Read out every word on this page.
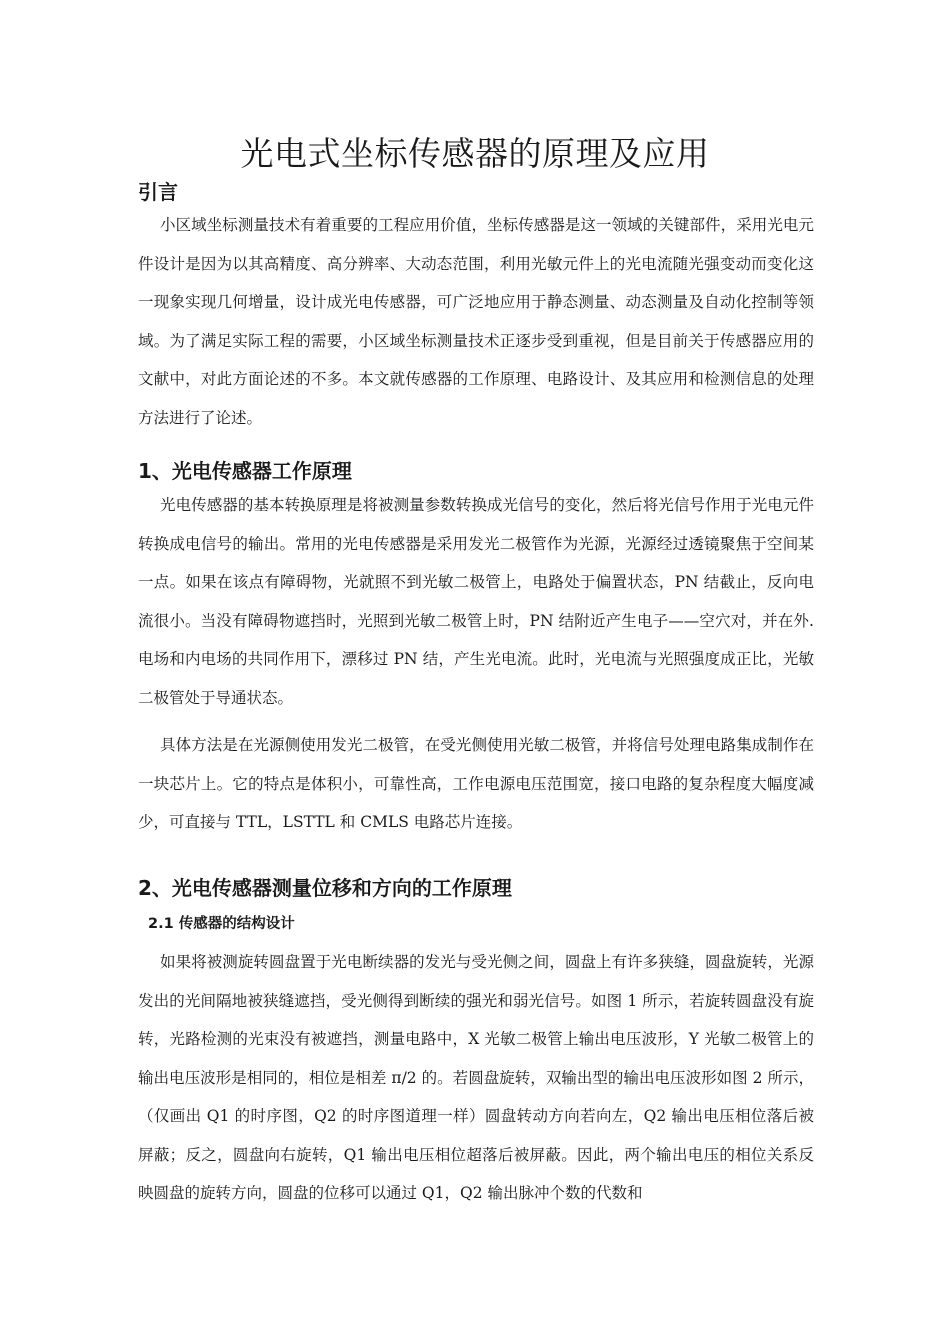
光电式坐标传感器的原理及应用
引言

小区域坐标测量技术有着重要的工程应用价值，坐标传感器是这一领域的关键部件，采用光电元件设计是因为以其高精度、高分辨率、大动态范围，利用光敏元件上的光电流随光强变动而变化这一现象实现几何增量，设计成光电传感器，可广泛地应用于静态测量、动态测量及自动化控制等领域。为了满足实际工程的需要，小区域坐标测量技术正逐步受到重视，但是目前关于传感器应用的文献中，对此方面论述的不多。本文就传感器的工作原理、电路设计、及其应用和检测信息的处理方法进行了论述。

1、光电传感器工作原理

光电传感器的基本转换原理是将被测量参数转换成光信号的变化，然后将光信号作用于光电元件转换成电信号的输出。常用的光电传感器是采用发光二极管作为光源，光源经过透镜聚焦于空间某一点。如果在该点有障碍物，光就照不到光敏二极管上，电路处于偏置状态，PN 结截止，反向电流很小。当没有障碍物遮挡时，光照到光敏二极管上时，PN 结附近产生电子——空穴对，并在外.电场和内电场的共同作用下，漂移过 PN 结，产生光电流。此时，光电流与光照强度成正比，光敏二极管处于导通状态。

具体方法是在光源侧使用发光二极管，在受光侧使用光敏二极管，并将信号处理电路集成制作在一块芯片上。它的特点是体积小，可靠性高，工作电源电压范围宽，接口电路的复杂程度大幅度减少，可直接与 TTL，LSTTL 和 CMLS 电路芯片连接。

2、光电传感器测量位移和方向的工作原理
2.1 传感器的结构设计

如果将被测旋转圆盘置于光电断续器的发光与受光侧之间，圆盘上有许多狭缝，圆盘旋转，光源发出的光间隔地被狭缝遮挡，受光侧得到断续的强光和弱光信号。如图 1 所示，若旋转圆盘没有旋转，光路检测的光束没有被遮挡，测量电路中，X 光敏二极管上输出电压波形，Y 光敏二极管上的输出电压波形是相同的，相位是相差 π/2 的。若圆盘旋转，双输出型的输出电压波形如图 2 所示，（仅画出 Q1 的时序图，Q2 的时序图道理一样）圆盘转动方向若向左，Q2 输出电压相位落后被屏蔽；反之，圆盘向右旋转，Q1 输出电压相位超落后被屏蔽。因此，两个输出电压的相位关系反映圆盘的旋转方向，圆盘的位移可以通过 Q1，Q2 输出脉冲个数的代数和
